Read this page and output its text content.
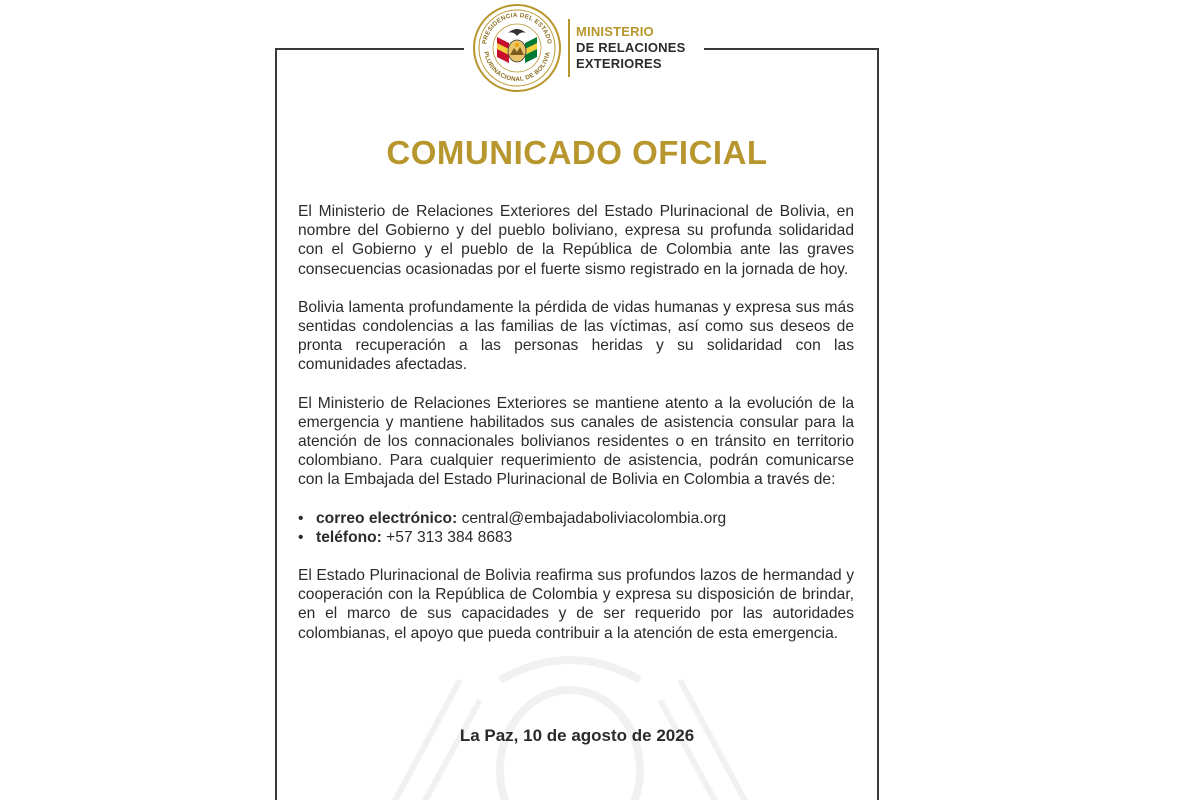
PRESIDENCIA DEL ESTADO
PLURINACIONAL DE BOLIVIA
MINISTERIO
DE RELACIONES
EXTERIORES
COMUNICADO OFICIAL

El Ministerio de Relaciones Exteriores del Estado Plurinacional de Bolivia, en nombre del Gobierno y del pueblo boliviano, expresa su profunda solidaridad con el Gobierno y el pueblo de la República de Colombia ante las graves consecuencias ocasionadas por el fuerte sismo registrado en la jornada de hoy.

Bolivia lamenta profundamente la pérdida de vidas humanas y expresa sus más sentidas condolencias a las familias de las víctimas, así como sus deseos de pronta recuperación a las personas heridas y su solidaridad con las comunidades afectadas.

El Ministerio de Relaciones Exteriores se mantiene atento a la evolución de la emergencia y mantiene habilitados sus canales de asistencia consular para la atención de los connacionales bolivianos residentes o en tránsito en territorio colombiano. Para cualquier requerimiento de asistencia, podrán comunicarse con la Embajada del Estado Plurinacional de Bolivia en Colombia a través de:

• correo electrónico: central@embajadaboliviacolombia.org
• teléfono: +57 313 384 8683

El Estado Plurinacional de Bolivia reafirma sus profundos lazos de hermandad y cooperación con la República de Colombia y expresa su disposición de brindar, en el marco de sus capacidades y de ser requerido por las autoridades colombianas, el apoyo que pueda contribuir a la atención de esta emergencia.

La Paz, 10 de agosto de 2026
